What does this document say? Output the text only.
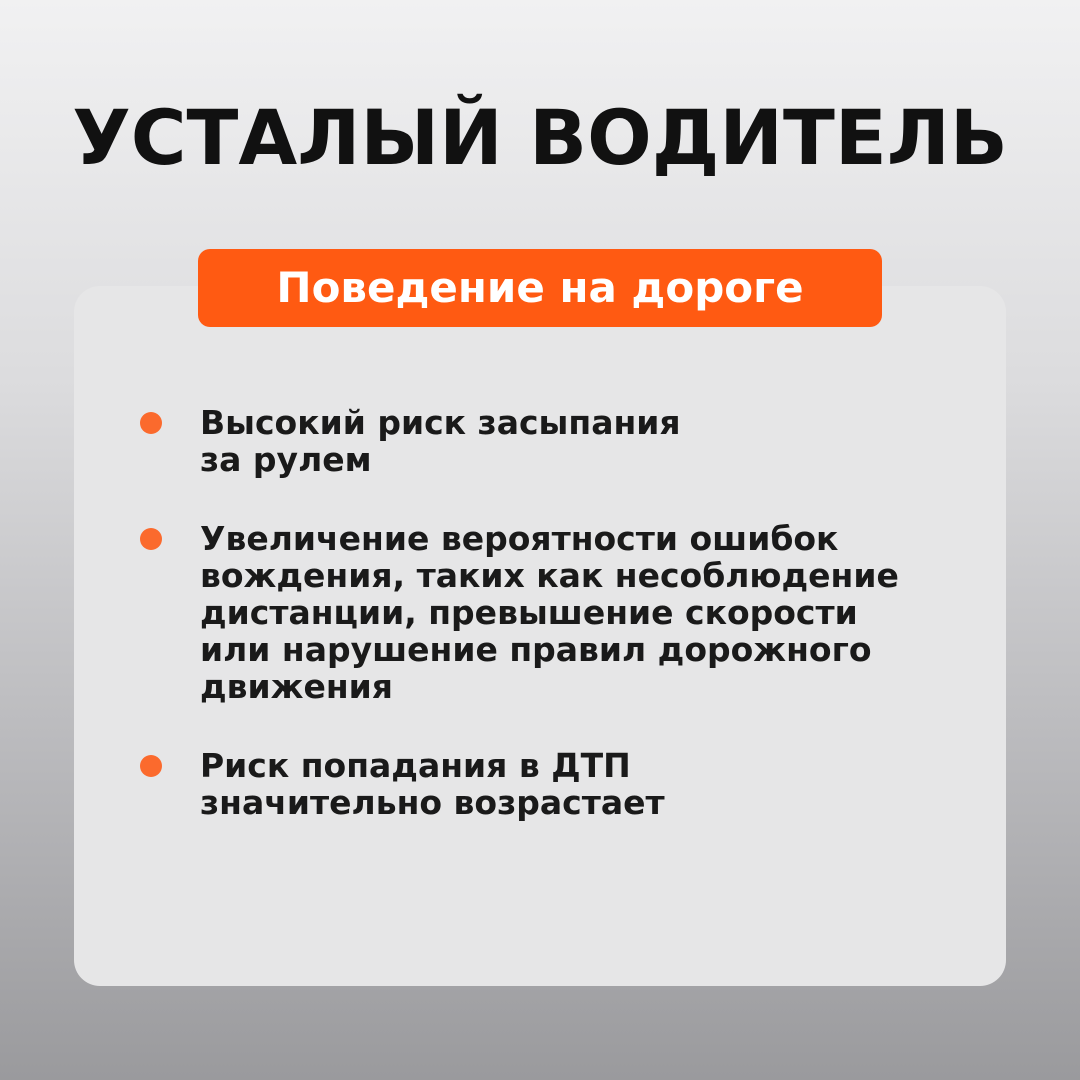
УСТАЛЫЙ ВОДИТЕЛЬ
Поведение на дороге
Высокий риск засыпания
за рулем
Увеличение вероятности ошибок
вождения, таких как несоблюдение
дистанции, превышение скорости
или нарушение правил дорожного
движения
Риск попадания в ДТП
значительно возрастает
